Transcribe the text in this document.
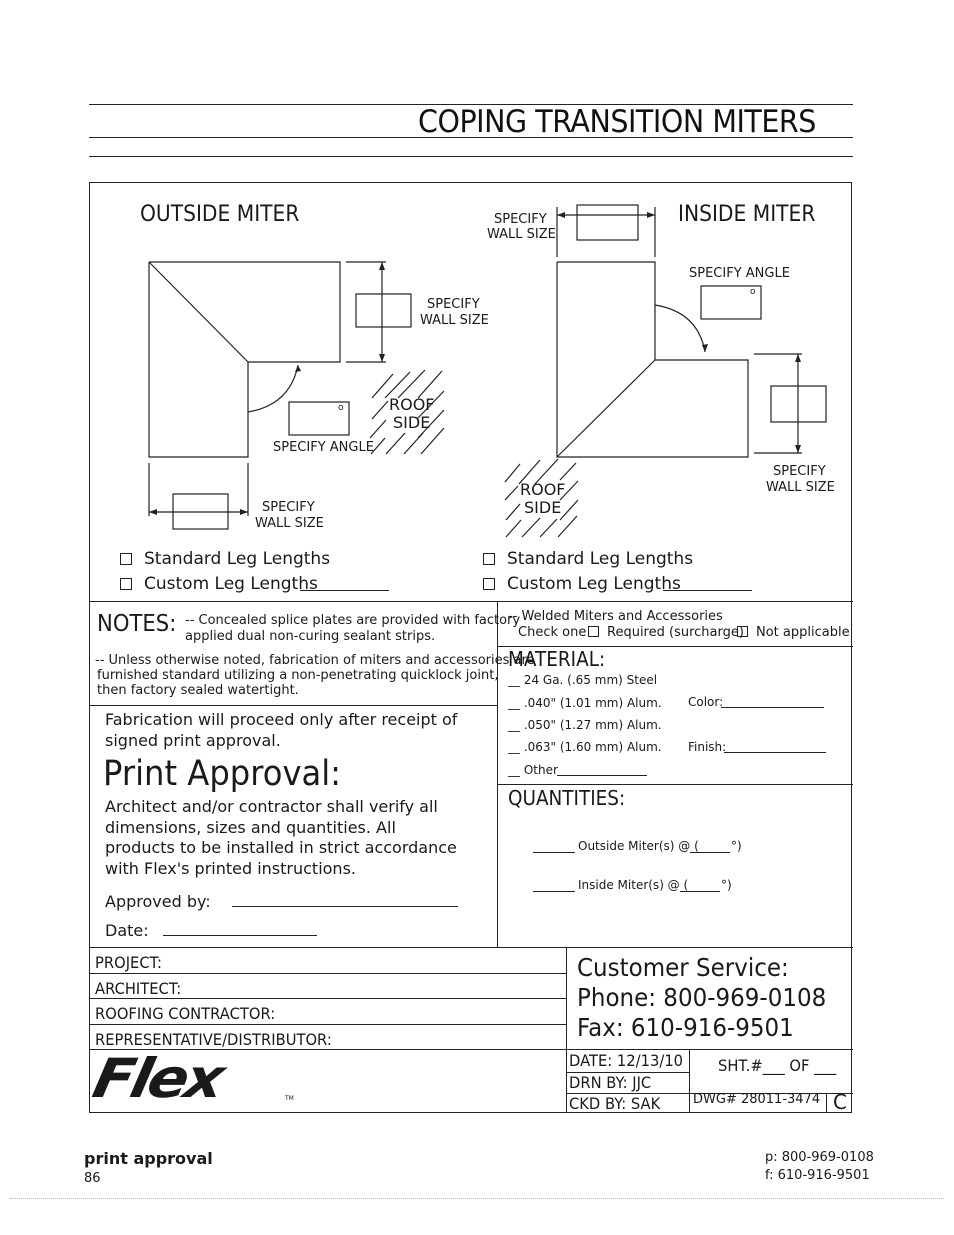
COPING TRANSITION MITERS
OUTSIDE MITER
SPECIFY
WALL SIZE
o
SPECIFY ANGLE
ROOF
SIDE
SPECIFY
WALL SIZE
Standard Leg Lengths
Custom Leg Lengths
SPECIFY
WALL SIZE
INSIDE MITER
SPECIFY ANGLE
o
SPECIFY
WALL SIZE
ROOF
SIDE
Standard Leg Lengths
Custom Leg Lengths
NOTES: -- Concealed splice plates are provided with factory
applied dual non-curing sealant strips.
-- Unless otherwise noted, fabrication of miters and accessories are
furnished standard utilizing a non-penetrating quicklock joint,
then factory sealed watertight.
-- Welded Miters and Accessories
Check one Required (surcharge) Not applicable
MATERIAL:
__ 24 Ga. (.65 mm) Steel
__ .040" (1.01 mm) Alum.
__ .050" (1.27 mm) Alum.
__ .063" (1.60 mm) Alum.
__ Other
Color:
Finish:
QUANTITIES:
Outside Miter(s) @ (	°)
Inside Miter(s) @ (	°)
Fabrication will proceed only after receipt of
signed print approval.
Print Approval:
Architect and/or contractor shall verify all
dimensions, sizes and quantities. All
products to be installed in strict accordance
with Flex's printed instructions.
Approved by:
Date:
PROJECT:
ARCHITECT:
ROOFING CONTRACTOR:
REPRESENTATIVE/DISTRIBUTOR:
Customer Service:
Phone: 800-969-0108
Fax: 610-916-9501
Flex	TM
DATE: 12/13/10
DRN BY: JJC
CKD BY: SAK
SHT.#___ OF ___
DWG# 28011-3474 C
print approval
86
p: 800-969-0108
f: 610-916-9501
